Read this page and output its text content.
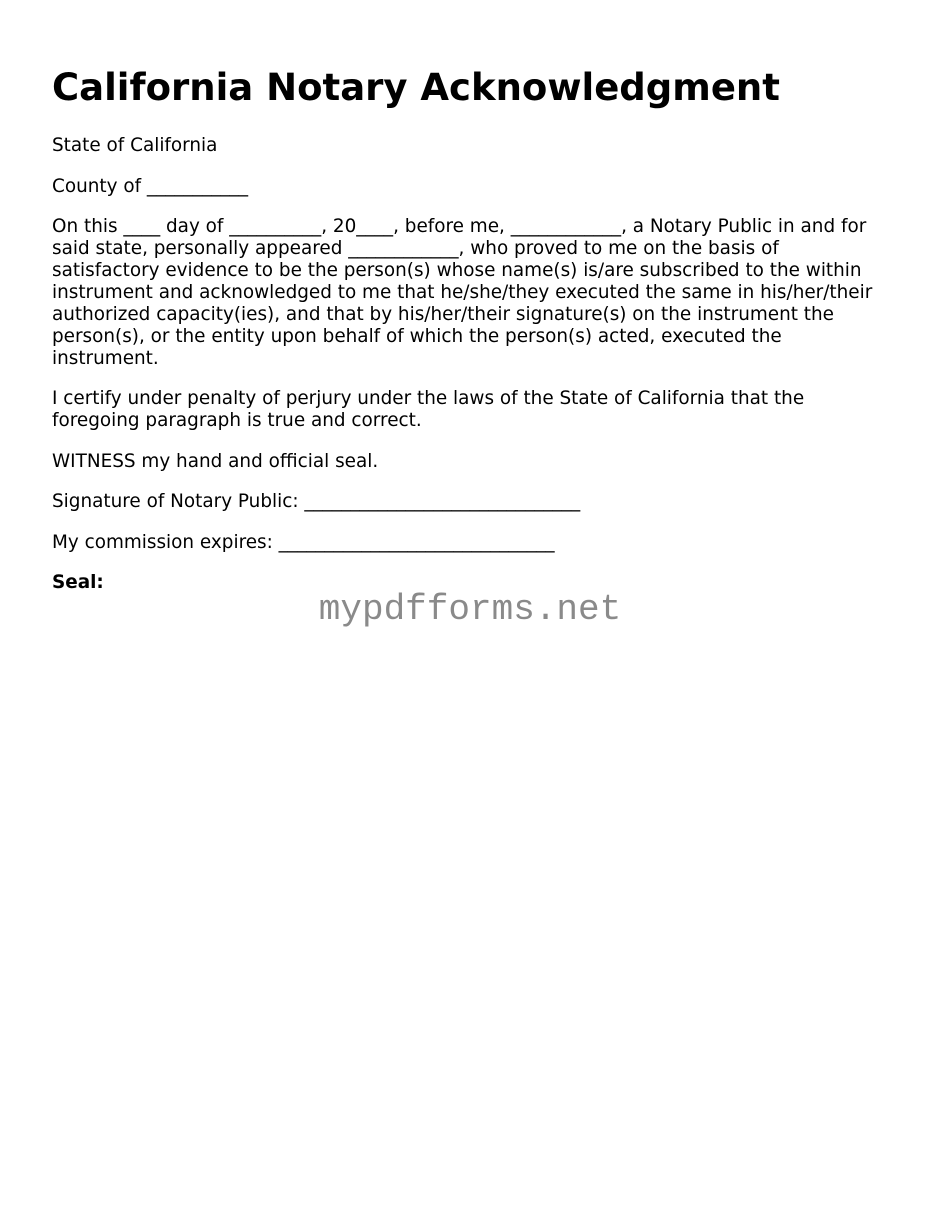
California Notary Acknowledgment

State of California

County of ___________

On this ____ day of __________, 20____, before me, ____________, a Notary Public in and for said state, personally appeared ____________, who proved to me on the basis of satisfactory evidence to be the person(s) whose name(s) is/are subscribed to the within instrument and acknowledged to me that he/she/they executed the same in his/her/their authorized capacity(ies), and that by his/her/their signature(s) on the instrument the person(s), or the entity upon behalf of which the person(s) acted, executed the instrument.

I certify under penalty of perjury under the laws of the State of California that the foregoing paragraph is true and correct.

WITNESS my hand and official seal.

Signature of Notary Public: ______________________________

My commission expires: ______________________________

Seal:

mypdfforms.net
